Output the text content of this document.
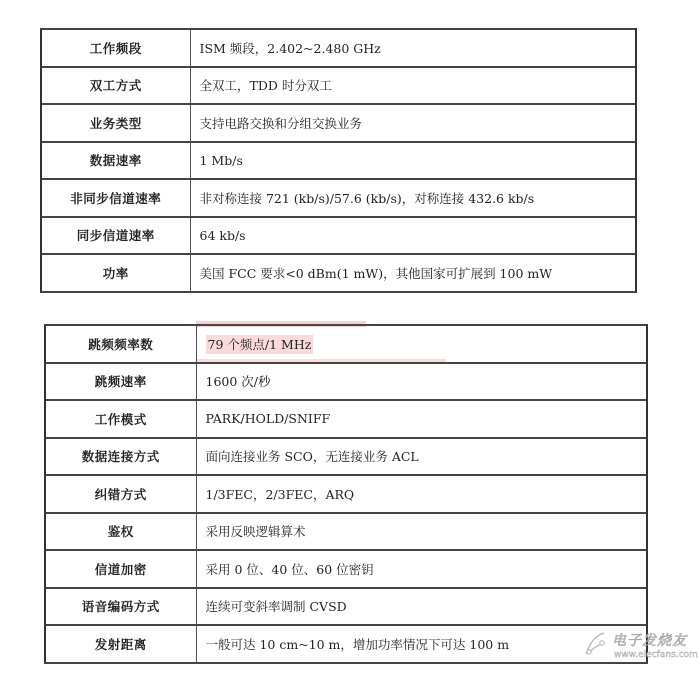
工作频段	ISM 频段，2.402~2.480 GHz
双工方式	全双工，TDD 时分双工
业务类型	支持电路交换和分组交换业务
数据速率	1 Mb/s
非同步信道速率	非对称连接 721 (kb/s)/57.6 (kb/s)，对称连接 432.6 kb/s
同步信道速率	64 kb/s
功率	美国 FCC 要求<0 dBm(1 mW)，其他国家可扩展到 100 mW
跳频频率数	79 个频点/1 MHz
跳频速率	1600 次/秒
工作模式	PARK/HOLD/SNIFF
数据连接方式	面向连接业务 SCO，无连接业务 ACL
纠错方式	1/3FEC，2/3FEC，ARQ
鉴权	采用反映逻辑算术
信道加密	采用 0 位、40 位、60 位密钥
语音编码方式	连续可变斜率调制 CVSD
发射距离	一般可达 10 cm~10 m，增加功率情况下可达 100 m	电子发烧友
www.elecfans.com
